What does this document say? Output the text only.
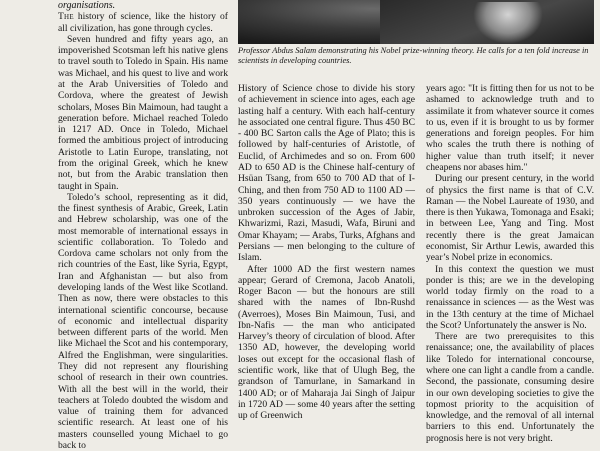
organisations.

The history of science, like the history of all civilization, has gone through cycles.

Seven hundred and fifty years ago, an impoverished Scotsman left his native glens to travel south to Toledo in Spain. His name was Michael, and his quest to live and work at the Arab Universities of Toledo and Cordova, where the greatest of Jewish scholars, Moses Bin Maimoun, had taught a generation before. Michael reached Toledo in 1217 AD. Once in Toledo, Michael formed the ambitious project of introducing Aristotle to Latin Europe, translating, not from the original Greek, which he knew not, but from the Arabic translation then taught in Spain.

Toledo’s school, representing as it did, the finest synthesis of Arabic, Greek, Latin and Hebrew scholarship, was one of the most memorable of international essays in scientific collaboration. To Toledo and Cordova came scholars not only from the rich countries of the East, like Syria, Egypt, Iran and Afghanistan — but also from developing lands of the West like Scotland. Then as now, there were obstacles to this international scientific concourse, because of economic and intellectual disparity between different parts of the world. Men like Michael the Scot and his contemporary, Alfred the Englishman, were singularities. They did not represent any flourishing school of research in their own countries. With all the best will in the world, their teachers at Toledo doubted the wisdom and value of training them for advanced scientific research. At least one of his masters counselled young Michael to go back to

Professor Abdus Salam demonstrating his Nobel prize-winning theory. He calls for a ten fold increase in scientists in developing countries.

History of Science chose to divide his story of achievement in science into ages, each age lasting half a century. With each half-century he associated one central figure. Thus 450 BC - 400 BC Sarton calls the Age of Plato; this is followed by half-centuries of Aristotle, of Euclid, of Archimedes and so on. From 600 AD to 650 AD is the Chinese half-century of Hsüan Tsang, from 650 to 700 AD that of I-Ching, and then from 750 AD to 1100 AD — 350 years continuously — we have the unbroken succession of the Ages of Jabir, Khwarizmi, Razi, Masudi, Wafa, Biruni and Omar Khayam; — Arabs, Turks, Afghans and Persians — men belonging to the culture of Islam.

After 1000 AD the first western names appear; Gerard of Cremona, Jacob Anatoli, Roger Bacon — but the honours are still shared with the names of Ibn-Rushd (Averroes), Moses Bin Maimoun, Tusi, and Ibn-Nafis — the man who anticipated Harvey’s theory of circulation of blood. After 1350 AD, however, the developing world loses out except for the occasional flash of scientific work, like that of Ulugh Beg, the grandson of Tamurlane, in Samarkand in 1400 AD; or of Maharaja Jai Singh of Jaipur in 1720 AD — some 40 years after the setting up of Greenwich

years ago: "It is fitting then for us not to be ashamed to acknowledge truth and to assimilate it from whatever source it comes to us, even if it is brought to us by former generations and foreign peoples. For him who scales the truth there is nothing of higher value than truth itself; it never cheapens nor abases him."

During our present century, in the world of physics the first name is that of C.V. Raman — the Nobel Laureate of 1930, and there is then Yukawa, Tomonaga and Esaki; in between Lee, Yang and Ting. Most recently there is the great Jamaican economist, Sir Arthur Lewis, awarded this year’s Nobel prize in economics.

In this context the question we must ponder is this; are we in the developing world today firmly on the road to a renaissance in sciences — as the West was in the 13th century at the time of Michael the Scot? Unfortunately the answer is No.

There are two prerequisites to this renaissance; one, the availability of places like Toledo for international concourse, where one can light a candle from a candle. Second, the passionate, consuming desire in our own developing societies to give the topmost priority to the acquisition of knowledge, and the removal of all internal barriers to this end. Unfortunately the prognosis here is not very bright.
